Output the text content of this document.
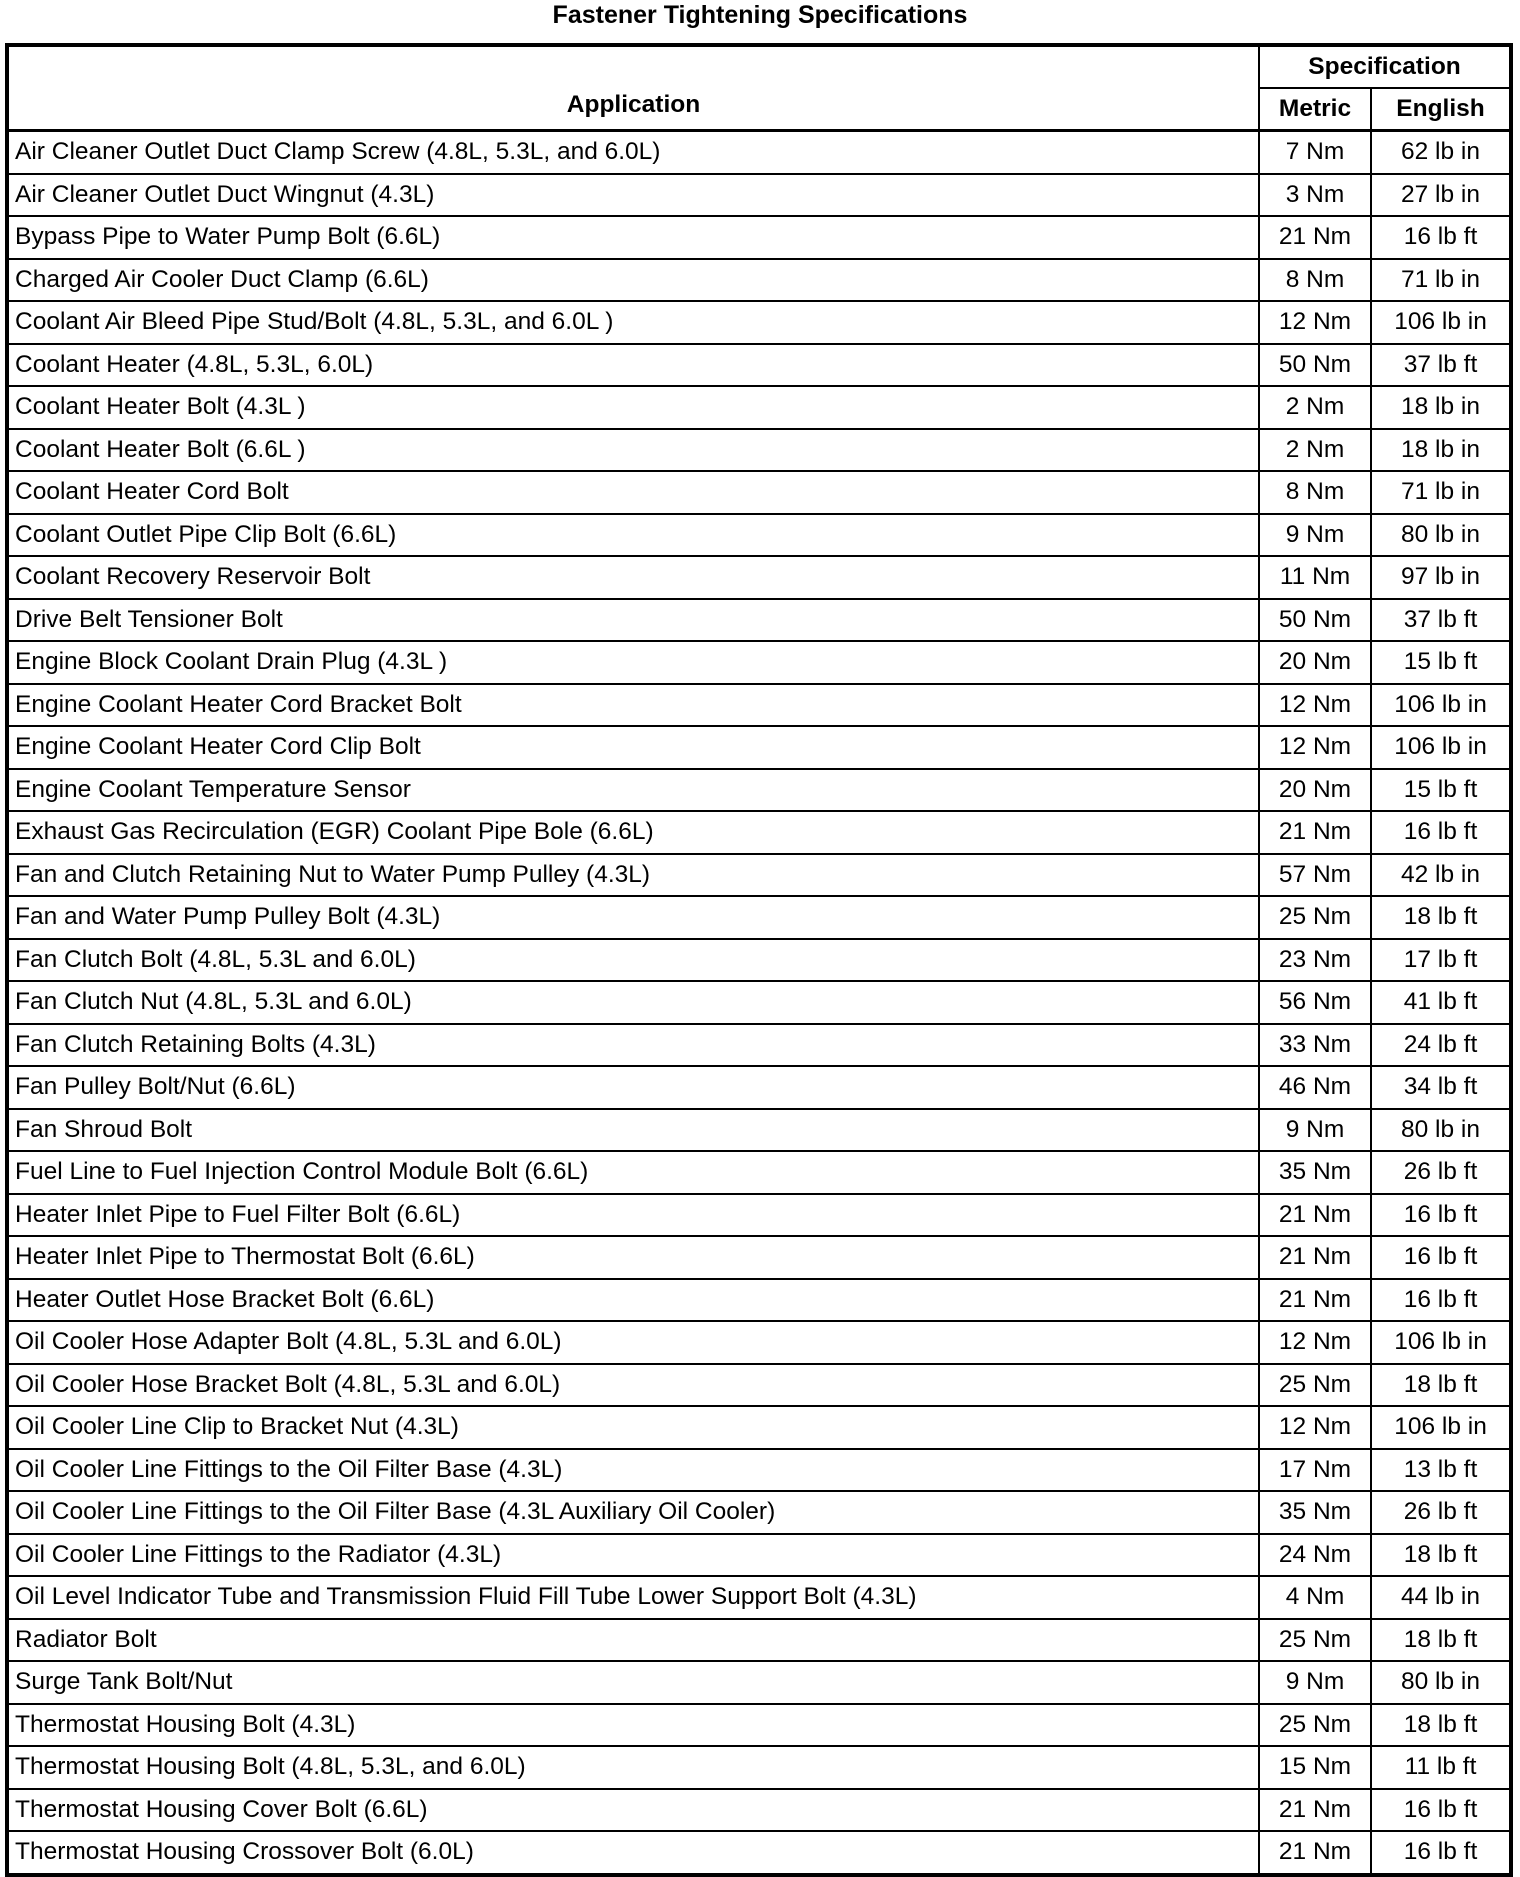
Fastener Tightening Specifications
Application	Specification	
	Metric	English
Air Cleaner Outlet Duct Clamp Screw (4.8L, 5.3L, and 6.0L)	7 Nm	62 lb in
Air Cleaner Outlet Duct Wingnut (4.3L)	3 Nm	27 lb in
Bypass Pipe to Water Pump Bolt (6.6L)	21 Nm	16 lb ft
Charged Air Cooler Duct Clamp (6.6L)	8 Nm	71 lb in
Coolant Air Bleed Pipe Stud/Bolt (4.8L, 5.3L, and 6.0L )	12 Nm	106 lb in
Coolant Heater (4.8L, 5.3L, 6.0L)	50 Nm	37 lb ft
Coolant Heater Bolt (4.3L )	2 Nm	18 lb in
Coolant Heater Bolt (6.6L )	2 Nm	18 lb in
Coolant Heater Cord Bolt	8 Nm	71 lb in
Coolant Outlet Pipe Clip Bolt (6.6L)	9 Nm	80 lb in
Coolant Recovery Reservoir Bolt	11 Nm	97 lb in
Drive Belt Tensioner Bolt	50 Nm	37 lb ft
Engine Block Coolant Drain Plug (4.3L )	20 Nm	15 lb ft
Engine Coolant Heater Cord Bracket Bolt	12 Nm	106 lb in
Engine Coolant Heater Cord Clip Bolt	12 Nm	106 lb in
Engine Coolant Temperature Sensor	20 Nm	15 lb ft
Exhaust Gas Recirculation (EGR) Coolant Pipe Bole (6.6L)	21 Nm	16 lb ft
Fan and Clutch Retaining Nut to Water Pump Pulley (4.3L)	57 Nm	42 lb in
Fan and Water Pump Pulley Bolt (4.3L)	25 Nm	18 lb ft
Fan Clutch Bolt (4.8L, 5.3L and 6.0L)	23 Nm	17 lb ft
Fan Clutch Nut (4.8L, 5.3L and 6.0L)	56 Nm	41 lb ft
Fan Clutch Retaining Bolts (4.3L)	33 Nm	24 lb ft
Fan Pulley Bolt/Nut (6.6L)	46 Nm	34 lb ft
Fan Shroud Bolt	9 Nm	80 lb in
Fuel Line to Fuel Injection Control Module Bolt (6.6L)	35 Nm	26 lb ft
Heater Inlet Pipe to Fuel Filter Bolt (6.6L)	21 Nm	16 lb ft
Heater Inlet Pipe to Thermostat Bolt (6.6L)	21 Nm	16 lb ft
Heater Outlet Hose Bracket Bolt (6.6L)	21 Nm	16 lb ft
Oil Cooler Hose Adapter Bolt (4.8L, 5.3L and 6.0L)	12 Nm	106 lb in
Oil Cooler Hose Bracket Bolt (4.8L, 5.3L and 6.0L)	25 Nm	18 lb ft
Oil Cooler Line Clip to Bracket Nut (4.3L)	12 Nm	106 lb in
Oil Cooler Line Fittings to the Oil Filter Base (4.3L)	17 Nm	13 lb ft
Oil Cooler Line Fittings to the Oil Filter Base (4.3L Auxiliary Oil Cooler)	35 Nm	26 lb ft
Oil Cooler Line Fittings to the Radiator (4.3L)	24 Nm	18 lb ft
Oil Level Indicator Tube and Transmission Fluid Fill Tube Lower Support Bolt (4.3L)	4 Nm	44 lb in
Radiator Bolt	25 Nm	18 lb ft
Surge Tank Bolt/Nut	9 Nm	80 lb in
Thermostat Housing Bolt (4.3L)	25 Nm	18 lb ft
Thermostat Housing Bolt (4.8L, 5.3L, and 6.0L)	15 Nm	11 lb ft
Thermostat Housing Cover Bolt (6.6L)	21 Nm	16 lb ft
Thermostat Housing Crossover Bolt (6.0L)	21 Nm	16 lb ft
